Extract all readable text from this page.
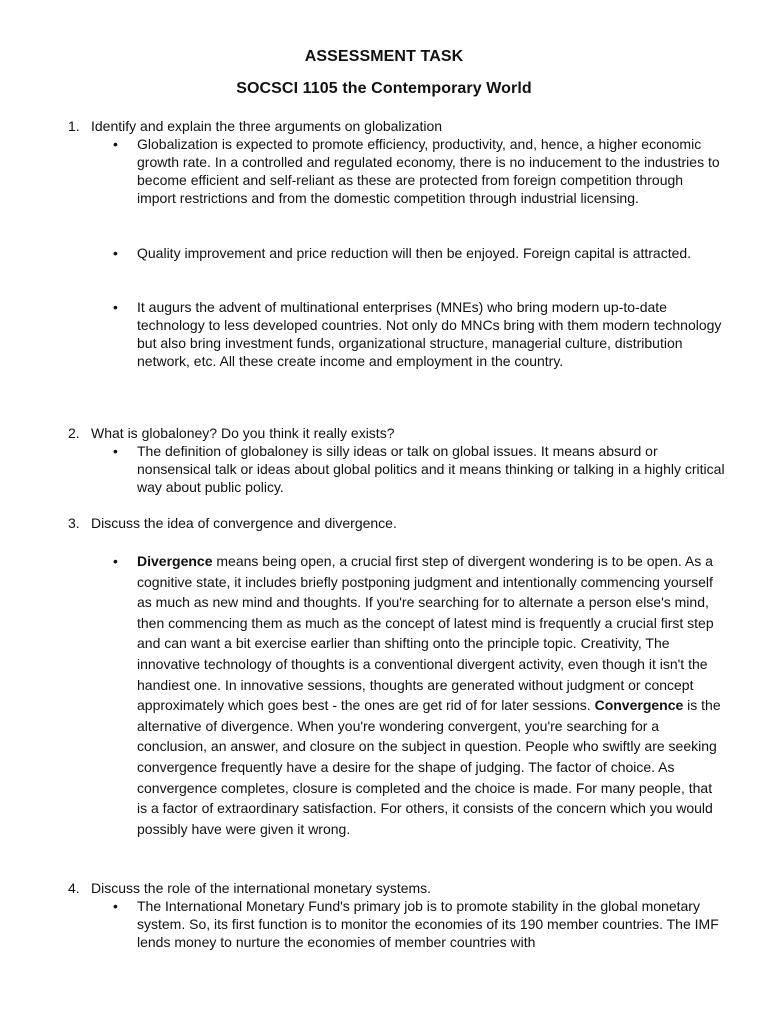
ASSESSMENT TASK
SOCSCI 1105 the Contemporary World
1. Identify and explain the three arguments on globalization
•	Globalization is expected to promote efficiency, productivity, and, hence, a higher economic growth rate. In a controlled and regulated economy, there is no inducement to the industries to become efficient and self-reliant as these are protected from foreign competition through import restrictions and from the domestic competition through industrial licensing.
•	Quality improvement and price reduction will then be enjoyed. Foreign capital is attracted.
•	It augurs the advent of multinational enterprises (MNEs) who bring modern up-to-date technology to less developed countries. Not only do MNCs bring with them modern technology but also bring investment funds, organizational structure, managerial culture, distribution network, etc. All these create income and employment in the country.
2. What is globaloney? Do you think it really exists?
•	The definition of globaloney is silly ideas or talk on global issues. It means absurd or nonsensical talk or ideas about global politics and it means thinking or talking in a highly critical way about public policy.
3. Discuss the idea of convergence and divergence.
•	Divergence means being open, a crucial first step of divergent wondering is to be open. As a cognitive state, it includes briefly postponing judgment and intentionally commencing yourself as much as new mind and thoughts. If you're searching for to alternate a person else's mind, then commencing them as much as the concept of latest mind is frequently a crucial first step and can want a bit exercise earlier than shifting onto the principle topic. Creativity, The innovative technology of thoughts is a conventional divergent activity, even though it isn't the handiest one. In innovative sessions, thoughts are generated without judgment or concept approximately which goes best - the ones are get rid of for later sessions. Convergence is the alternative of divergence. When you're wondering convergent, you're searching for a conclusion, an answer, and closure on the subject in question. People who swiftly are seeking convergence frequently have a desire for the shape of judging. The factor of choice. As convergence completes, closure is completed and the choice is made. For many people, that is a factor of extraordinary satisfaction. For others, it consists of the concern which you would possibly have were given it wrong.
4. Discuss the role of the international monetary systems.
•	The International Monetary Fund's primary job is to promote stability in the global monetary system. So, its first function is to monitor the economies of its 190 member countries. The IMF lends money to nurture the economies of member countries with
